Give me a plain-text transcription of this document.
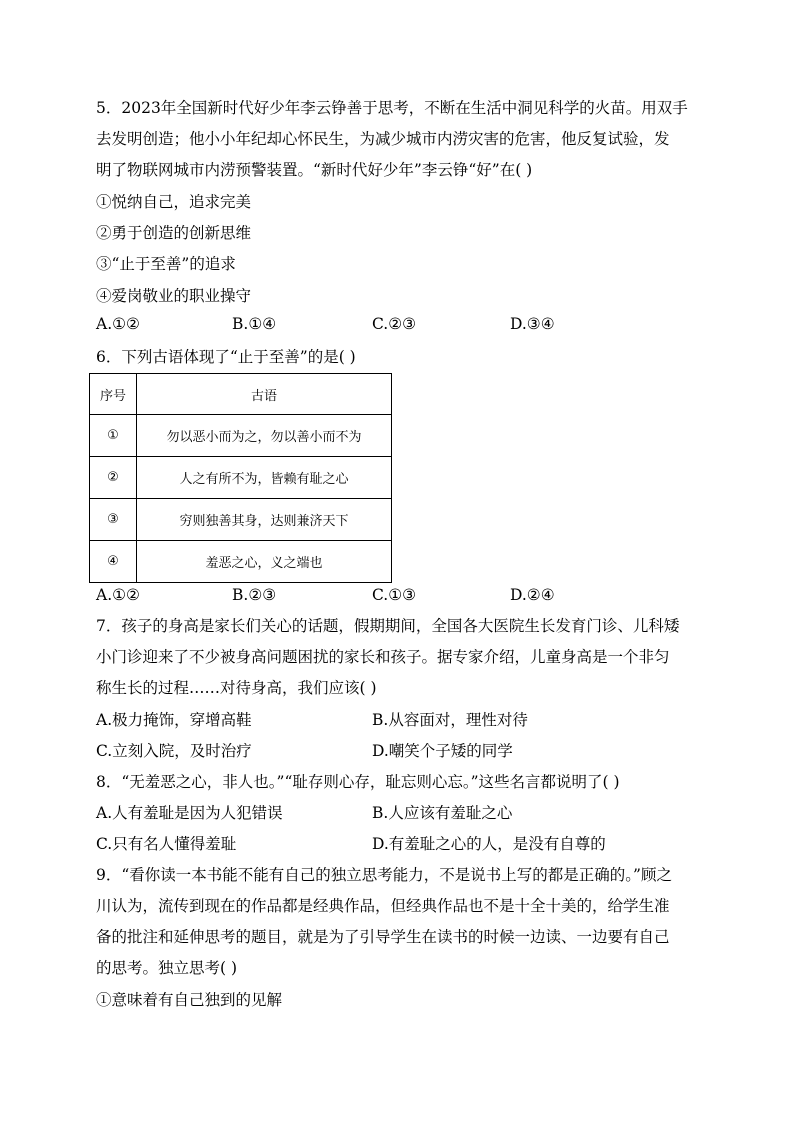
5．2023年全国新时代好少年李云铮善于思考，不断在生活中洞见科学的火苗。用双手
去发明创造；他小小年纪却心怀民生，为减少城市内涝灾害的危害，他反复试验，发
明了物联网城市内涝预警装置。“新时代好少年”李云铮“好”在( )
①悦纳自己，追求完美
②勇于创造的创新思维
③“止于至善”的追求
④爱岗敬业的职业操守
A.①②	B.①④	C.②③	D.③④
6．下列古语体现了“止于至善”的是( )
序号	古语
①	勿以恶小而为之，勿以善小而不为
②	人之有所不为，皆赖有耻之心
③	穷则独善其身，达则兼济天下
④	羞恶之心，义之端也
A.①②	B.②③	C.①③	D.②④
7．孩子的身高是家长们关心的话题，假期期间，全国各大医院生长发育门诊、儿科矮
小门诊迎来了不少被身高问题困扰的家长和孩子。据专家介绍，儿童身高是一个非匀
称生长的过程……对待身高，我们应该( )
A.极力掩饰，穿增高鞋	B.从容面对，理性对待
C.立刻入院，及时治疗	D.嘲笑个子矮的同学
8．“无羞恶之心，非人也。”“耻存则心存，耻忘则心忘。”这些名言都说明了( )
A.人有羞耻是因为人犯错误	B.人应该有羞耻之心
C.只有名人懂得羞耻	D.有羞耻之心的人，是没有自尊的
9．“看你读一本书能不能有自己的独立思考能力，不是说书上写的都是正确的。”顾之
川认为，流传到现在的作品都是经典作品，但经典作品也不是十全十美的，给学生准
备的批注和延伸思考的题目，就是为了引导学生在读书的时候一边读、一边要有自己
的思考。独立思考( )
①意味着有自己独到的见解
